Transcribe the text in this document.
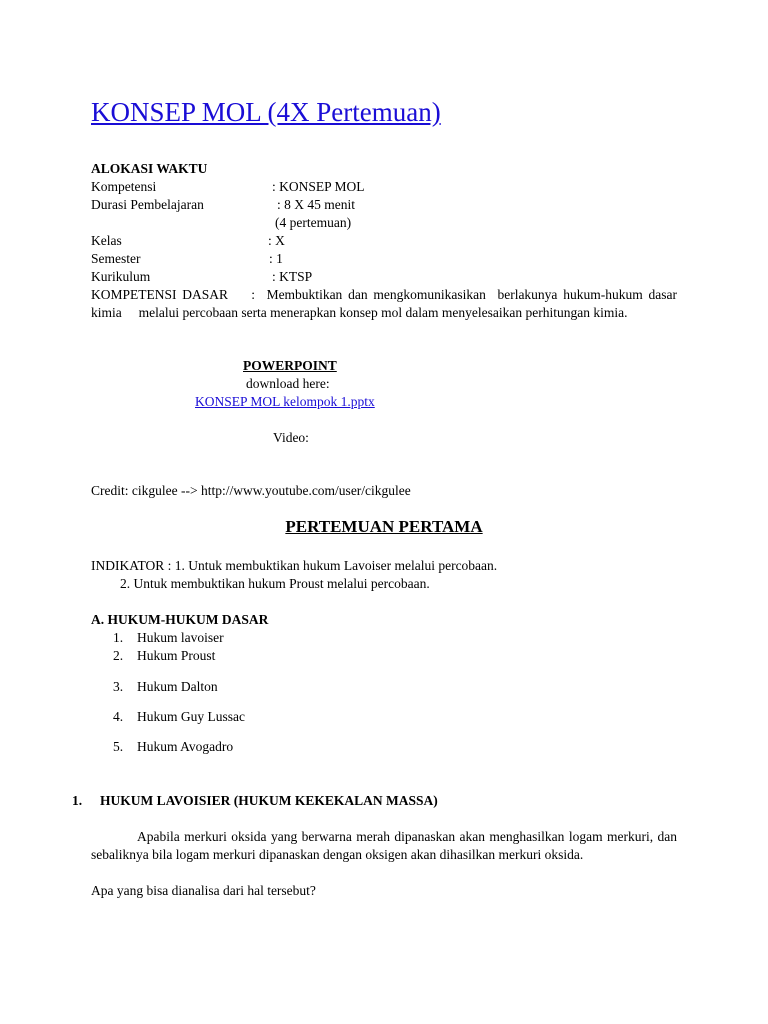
KONSEP MOL (4X Pertemuan)
ALOKASI WAKTU
Kompetensi	: KONSEP MOL
Durasi Pembelajaran	: 8 X 45 menit
(4 pertemuan)
Kelas	: X
Semester	: 1
Kurikulum	: KTSP
KOMPETENSI DASAR    :  Membuktikan dan mengkomunikasikan  berlakunya hukum-hukum dasar kimia     melalui percobaan serta menerapkan konsep mol dalam menyelesaikan perhitungan kimia.
POWERPOINT
download here:
KONSEP MOL kelompok 1.pptx
Video:
Credit: cikgulee --> http://www.youtube.com/user/cikgulee
PERTEMUAN PERTAMA
INDIKATOR : 1. Untuk membuktikan hukum Lavoiser melalui percobaan.
2. Untuk membuktikan hukum Proust melalui percobaan.
A. HUKUM-HUKUM DASAR
1. Hukum lavoiser
2. Hukum Proust
3. Hukum Dalton
4. Hukum Guy Lussac
5. Hukum Avogadro
1. HUKUM LAVOISIER (HUKUM KEKEKALAN MASSA)
Apabila merkuri oksida yang berwarna merah dipanaskan akan menghasilkan logam merkuri, dan sebaliknya bila logam merkuri dipanaskan dengan oksigen akan dihasilkan merkuri oksida.
Apa yang bisa dianalisa dari hal tersebut?
